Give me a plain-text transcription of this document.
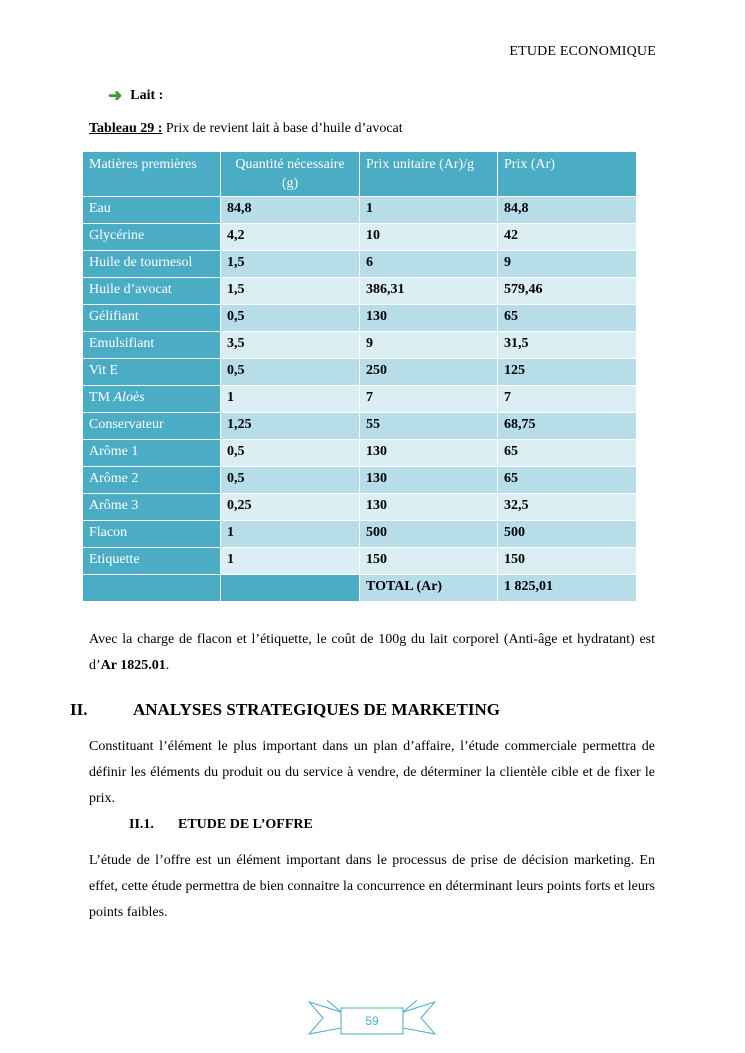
ETUDE ECONOMIQUE
➜ Lait :
Tableau 29 : Prix de revient lait à base d’huile d’avocat
Matières premières	Quantité nécessaire (g)	Prix unitaire (Ar)/g	Prix (Ar)
Eau	84,8	1	84,8
Glycérine	4,2	10	42
Huile de tournesol	1,5	6	9
Huile d’avocat	1,5	386,31	579,46
Gélifiant	0,5	130	65
Emulsifiant	3,5	9	31,5
Vit E	0,5	250	125
TM Aloès	1	7	7
Conservateur	1,25	55	68,75
Arôme 1	0,5	130	65
Arôme 2	0,5	130	65
Arôme 3	0,25	130	32,5
Flacon	1	500	500
Etiquette	1	150	150
		TOTAL (Ar)	1 825,01
Avec la charge de flacon et l’étiquette, le coût de 100g du lait corporel (Anti-âge et hydratant) est d’Ar 1825.01.
II.	ANALYSES STRATEGIQUES DE MARKETING
Constituant l’élément le plus important dans un plan d’affaire, l’étude commerciale permettra de définir les éléments du produit ou du service à vendre, de déterminer la clientèle cible et de fixer le prix.
II.1.	ETUDE DE L’OFFRE
L’étude de l’offre est un élément important dans le processus de prise de décision marketing. En effet, cette étude permettra de bien connaitre la concurrence en déterminant leurs points forts et leurs points faibles.
59
